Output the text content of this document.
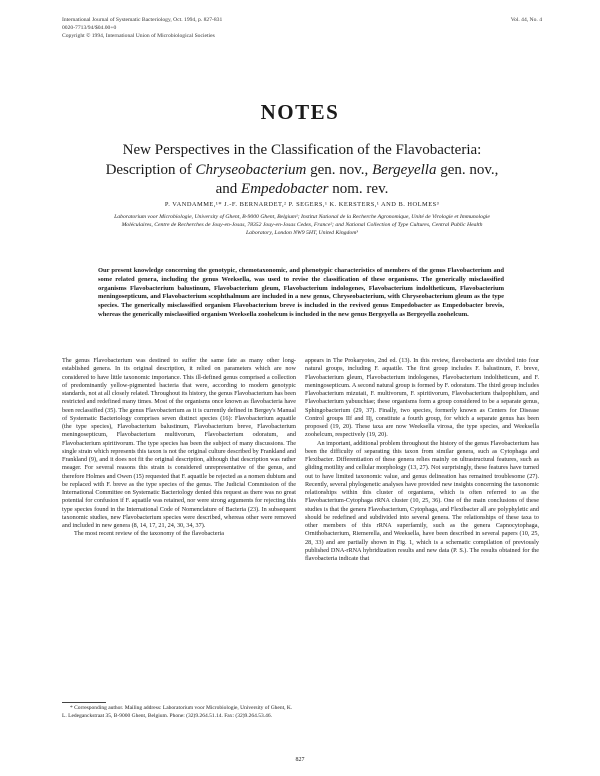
International Journal of Systematic Bacteriology, Oct. 1994, p. 827-831
0020-7713/94/$04.00+0
Copyright © 1994, International Union of Microbiological Societies
Vol. 44, No. 4
NOTES
New Perspectives in the Classification of the Flavobacteria:
Description of Chryseobacterium gen. nov., Bergeyella gen. nov.,
and Empedobacter nom. rev.
P. VANDAMME,¹* J.-F. BERNARDET,² P. SEGERS,¹ K. KERSTERS,¹ AND B. HOLMES³
Laboratorium voor Microbiologie, University of Ghent, B-9000 Ghent, Belgium¹; Institut National de la Recherche Agronomique, Unité de Virologie et Immunologie Moléculaires, Centre de Recherches de Jouy-en-Josas, 78352 Jouy-en-Josas Cedex, France²; and National Collection of Type Cultures, Central Public Health Laboratory, London NW9 5HT, United Kingdom³
Our present knowledge concerning the genotypic, chemotaxonomic, and phenotypic characteristics of members of the genus Flavobacterium and some related genera, including the genus Weeksella, was used to revise the classification of these organisms. The generically misclassified organisms Flavobacterium balustinum, Flavobacterium gleum, Flavobacterium indologenes, Flavobacterium indoltheticum, Flavobacterium meningosepticum, and Flavobacterium scophthalmum are included in a new genus, Chryseobacterium, with Chryseobacterium gleum as the type species. The generically misclassified organism Flavobacterium breve is included in the revived genus Empedobacter as Empedobacter brevis, whereas the generically misclassified organism Weeksella zoohelcum is included in the new genus Bergeyella as Bergeyella zoohelcum.

The genus Flavobacterium was destined to suffer the same fate as many other long-established genera. In its original description, it relied on parameters which are now considered to have little taxonomic importance. This ill-defined genus comprised a collection of predominantly yellow-pigmented bacteria that were, according to modern genotypic standards, not at all closely related. Throughout its history, the genus Flavobacterium has been restricted and redefined many times. Most of the organisms once known as flavobacteria have been reclassified (35). The genus Flavobacterium as it is currently defined in Bergey's Manual of Systematic Bacteriology comprises seven distinct species (16): Flavobacterium aquatile (the type species), Flavobacterium balustinum, Flavobacterium breve, Flavobacterium meningosepticum, Flavobacterium multivorum, Flavobacterium odoratum, and Flavobacterium spiritivorum. The type species has been the subject of many discussions. The single strain which represents this taxon is not the original culture described by Frankland and Frankland (9), and it does not fit the original description, although that description was rather meager. For several reasons this strain is considered unrepresentative of the genus, and therefore Holmes and Owen (15) requested that F. aquatile be rejected as a nomen dubium and be replaced with F. breve as the type species of the genus. The Judicial Commission of the International Committee on Systematic Bacteriology denied this request as there was no great potential for confusion if F. aquatile was retained, nor were strong arguments for rejecting this type species found in the International Code of Nomenclature of Bacteria (23). In subsequent taxonomic studies, new Flavobacterium species were described, whereas other were removed and included in new genera (8, 14, 17, 21, 24, 30, 34, 37).

The most recent review of the taxonomy of the flavobacteria

appears in The Prokaryotes, 2nd ed. (13). In this review, flavobacteria are divided into four natural groups, including F. aquatile. The first group includes F. balustinum, F. breve, Flavobacterium gleum, Flavobacterium indologenes, Flavobacterium indoltheticum, and F. meningosepticum. A second natural group is formed by F. odoratum. The third group includes Flavobacterium mizutaii, F. multivorum, F. spiritivorum, Flavobacterium thalpophilum, and Flavobacterium yabuuchiae; these organisms form a group considered to be a separate genus, Sphingobacterium (29, 37). Finally, two species, formerly known as Centers for Disease Control groups IIf and IIj, constitute a fourth group, for which a separate genus has been proposed (19, 20). These taxa are now Weeksella virosa, the type species, and Weeksella zoohelcum, respectively (19, 20).

An important, additional problem throughout the history of the genus Flavobacterium has been the difficulty of separating this taxon from similar genera, such as Cytophaga and Flexibacter. Differentiation of these genera relies mainly on ultrastructural features, such as gliding motility and cellular morphology (13, 27). Not surprisingly, these features have turned out to have limited taxonomic value, and genus delineation has remained troublesome (27). Recently, several phylogenetic analyses have provided new insights concerning the taxonomic relationships within this cluster of organisms, which is often referred to as the Flavobacterium-Cytophaga rRNA cluster (10, 25, 36). One of the main conclusions of these studies is that the genera Flavobacterium, Cytophaga, and Flexibacter all are polyphyletic and should be redefined and subdivided into several genera. The relationships of these taxa to other members of this rRNA superfamily, such as the genera Capnocytophaga, Ornithobacterium, Riemerella, and Weeksella, have been described in several papers (10, 25, 28, 33) and are partially shown in Fig. 1, which is a schematic compilation of previously published DNA-rRNA hybridization results and new data (P. S.). The results obtained for the flavobacteria indicate that

* Corresponding author. Mailing address: Laboratorium voor Microbiologie, University of Ghent, K. L. Ledeganckstraat 35, B-9000 Ghent, Belgium. Phone: (32)9.264.51.14. Fax: (32)9.264.53.46.
827
